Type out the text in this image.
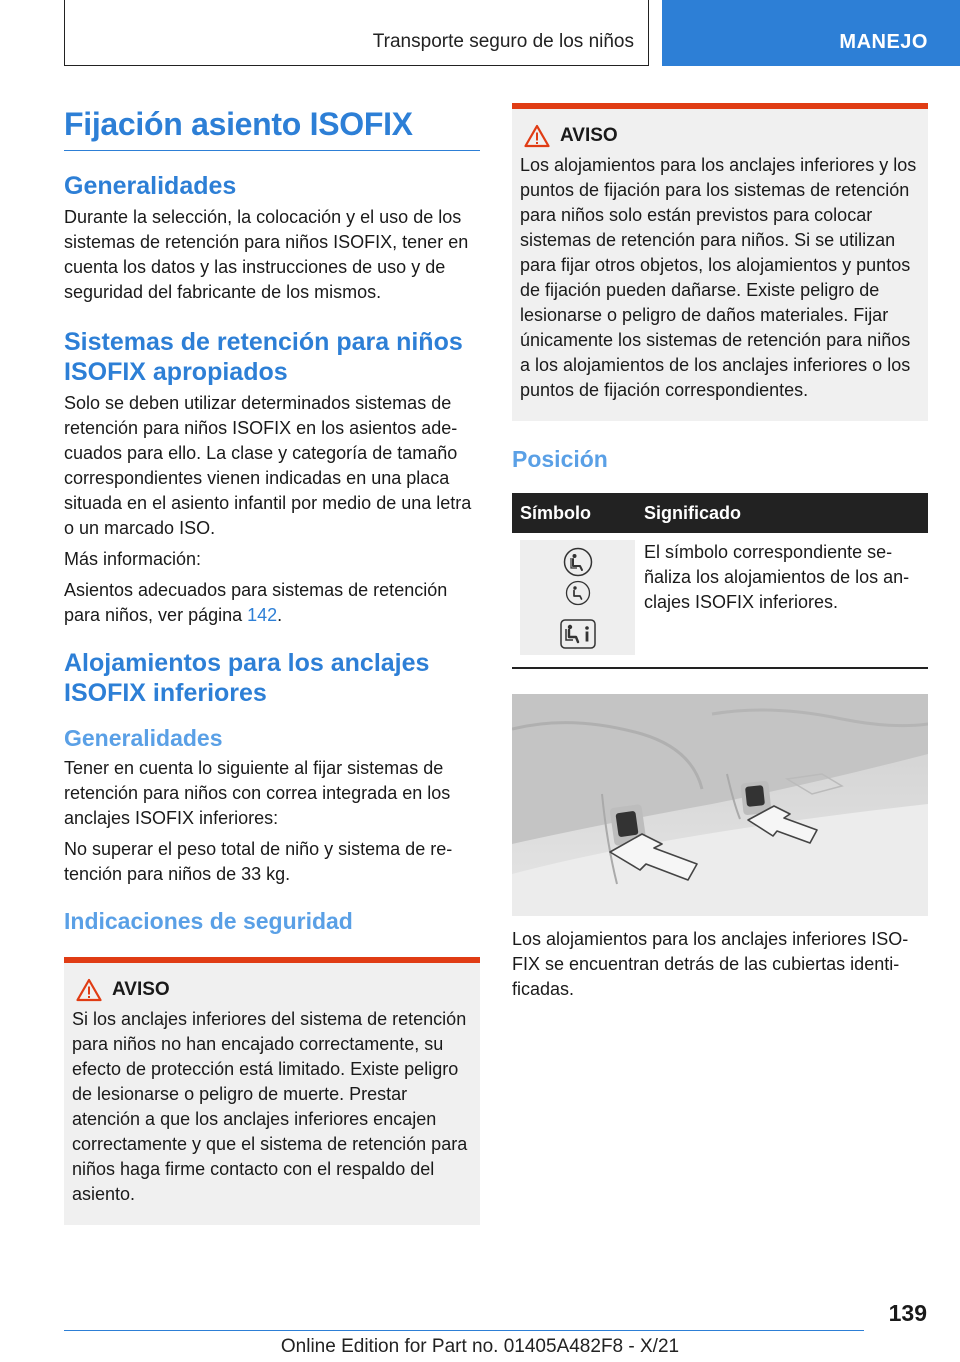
Transporte seguro de los niños	MANEJO
Fijación asiento ISOFIX
Generalidades

Durante la selección, la colocación y el uso de los sistemas de retención para niños ISOFIX, tener en cuenta los datos y las instrucciones de uso y de seguridad del fabricante de los mismos.

Sistemas de retención para niños ISOFIX apropiados

Solo se deben utilizar determinados sistemas de retención para niños ISOFIX en los asientos adecuados para ello. La clase y categoría de tamaño correspondientes vienen indicadas en una placa situada en el asiento infantil por medio de una letra o un marcado ISO.

Más información:

Asientos adecuados para sistemas de retención para niños, ver página 142.

Alojamientos para los anclajes ISOFIX inferiores
Generalidades

Tener en cuenta lo siguiente al fijar sistemas de retención para niños con correa integrada en los anclajes ISOFIX inferiores:

No superar el peso total de niño y sistema de retención para niños de 33 kg.

Indicaciones de seguridad
AVISO

Si los anclajes inferiores del sistema de retención para niños no han encajado correctamente, su efecto de protección está limitado. Existe peligro de lesionarse o peligro de muerte. Prestar atención a que los anclajes inferiores encajen correctamente y que el sistema de retención para niños haga firme contacto con el respaldo del asiento.

AVISO

Los alojamientos para los anclajes inferiores y los puntos de fijación para los sistemas de retención para niños solo están previstos para colocar sistemas de retención para niños. Si se utilizan para fijar otros objetos, los alojamientos y puntos de fijación pueden dañarse. Existe peligro de lesionarse o peligro de daños materiales. Fijar únicamente los sistemas de retención para niños a los alojamientos de los anclajes inferiores o los puntos de fijación correspondientes.

Posición
Símbolo	Significado

	El símbolo correspondiente señaliza los alojamientos de los anclajes ISOFIX inferiores.

Los alojamientos para los anclajes inferiores ISOFIX se encuentran detrás de las cubiertas identificadas.

139
Online Edition for Part no. 01405A482F8 - X/21
